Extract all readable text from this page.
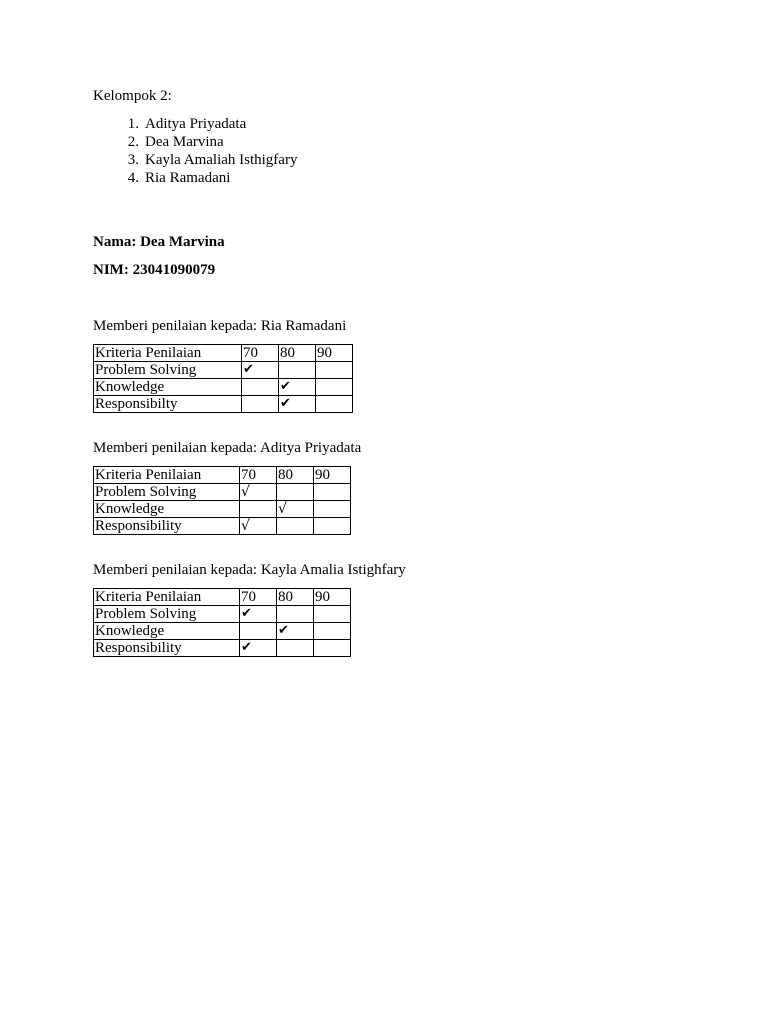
Kelompok 2:

1. Aditya Priyadata
2. Dea Marvina
3. Kayla Amaliah Isthigfary
4. Ria Ramadani

Nama: Dea Marvina

NIM: 23041090079

Memberi penilaian kepada: Ria Ramadani

Kriteria Penilaian	70	80	90
Problem Solving	✔		
Knowledge		✔	
Responsibilty		✔	

Memberi penilaian kepada: Aditya Priyadata

Kriteria Penilaian	70	80	90
Problem Solving	√		
Knowledge		√	
Responsibility	√		

Memberi penilaian kepada: Kayla Amalia Istighfary

Kriteria Penilaian	70	80	90
Problem Solving	✔		
Knowledge		✔	
Responsibility	✔		
